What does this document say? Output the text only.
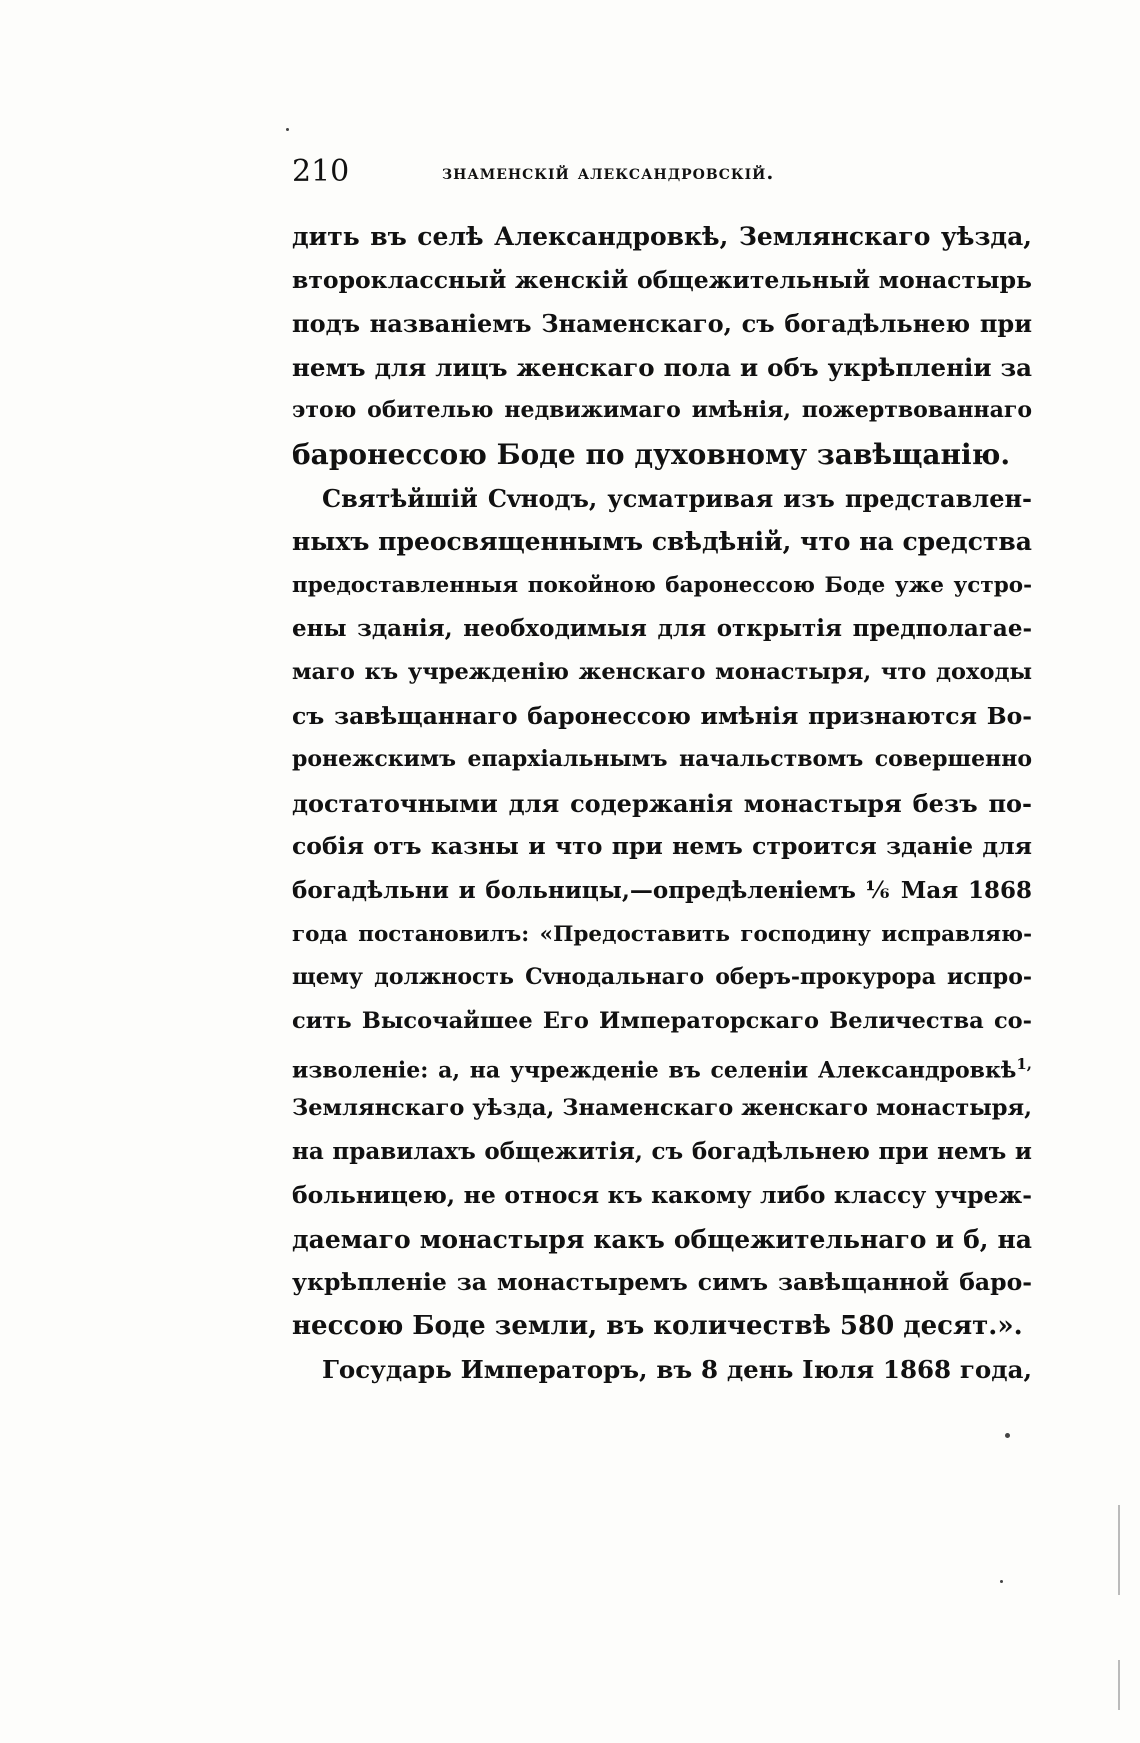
210	знаменскій александровскій.
дить въ селѣ Александровкѣ, Землянскаго уѣзда,
второклассный женскій общежительный монастырь
подъ названіемъ Знаменскаго, съ богадѣльнею при
немъ для лицъ женскаго пола и объ укрѣпленіи за
этою обителью недвижимаго имѣнія, пожертвованнаго
баронессою Боде по духовному завѣщанію.
Святѣйшій Сvнодъ, усматривая изъ представлен-
ныхъ преосвященнымъ свѣдѣній, что на средства
предоставленныя покойною баронессою Боде уже устро-
ены зданія, необходимыя для открытія предполагае-
маго къ учрежденію женскаго монастыря, что доходы
съ завѣщаннаго баронессою имѣнія признаются Во-
ронежскимъ епархіальнымъ начальствомъ совершенно
достаточными для содержанія монастыря безъ по-
собія отъ казны и что при немъ строится зданіе для
богадѣльни и больницы,—опредѣленіемъ ⅙ Мая 1868
года постановилъ: «Предоставить господину исправляю-
щему должность Сvнодальнаго оберъ-прокурора испро-
сить Высочайшее Его Императорскаго Величества со-
изволеніе: а, на учрежденіе въ селеніи Александровкѣ$^{1,}$
Землянскаго уѣзда, Знаменскаго женскаго монастыря,
на правилахъ общежитія, съ богадѣльнею при немъ и
больницею, не относя къ какому либо классу учреж-
даемаго монастыря какъ общежительнаго и б, на
укрѣпленіе за монастыремъ симъ завѣщанной баро-
нессою Боде земли, въ количествѣ 580 десят.».
Государь Императоръ, въ 8 день Іюля 1868 года,
